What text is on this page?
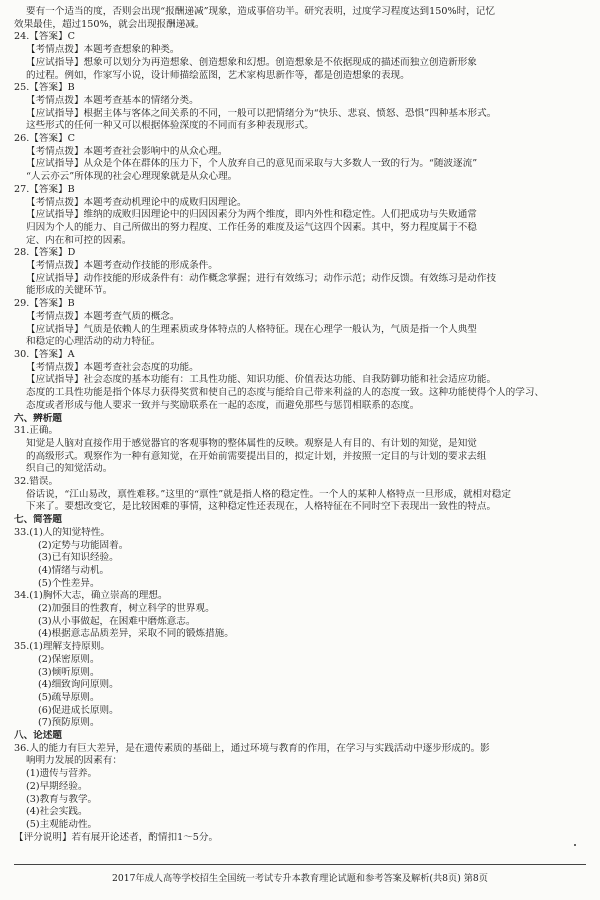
要有一个适当的度，否则会出现“报酬递减”现象，造成事倍功半。研究表明，过度学习程度达到150%时，记忆
效果最佳，超过150%，就会出现报酬递减。
24.【答案】C
【考情点拨】本题考查想象的种类。
【应试指导】想象可以划分为再造想象、创造想象和幻想。创造想象是不依据现成的描述而独立创造新形象
的过程。例如，作家写小说，设计师描绘蓝图，艺术家构思新作等，都是创造想象的表现。
25.【答案】B
【考情点拨】本题考查基本的情绪分类。
【应试指导】根据主体与客体之间关系的不同，一般可以把情绪分为“快乐、悲哀、愤怒、恐惧”四种基本形式。
这些形式的任何一种又可以根据体验深度的不同而有多种表现形式。
26.【答案】C
【考情点拨】本题考查社会影响中的从众心理。
【应试指导】从众是个体在群体的压力下，个人放弃自己的意见而采取与大多数人一致的行为。“随波逐流”
“人云亦云”所体现的社会心理现象就是从众心理。
27.【答案】B
【考情点拨】本题考查动机理论中的成败归因理论。
【应试指导】维纳的成败归因理论中的归因因素分为两个维度，即内外性和稳定性。人们把成功与失败通常
归因为个人的能力、自己所做出的努力程度、工作任务的难度及运气这四个因素。其中，努力程度属于不稳
定、内在和可控的因素。
28.【答案】D
【考情点拨】本题考查动作技能的形成条件。
【应试指导】动作技能的形成条件有：动作概念掌握；进行有效练习；动作示范；动作反馈。有效练习是动作技
能形成的关键环节。
29.【答案】B
【考情点拨】本题考查气质的概念。
【应试指导】气质是依赖人的生理素质或身体特点的人格特征。现在心理学一般认为，气质是指一个人典型
和稳定的心理活动的动力特征。
30.【答案】A
【考情点拨】本题考查社会态度的功能。
【应试指导】社会态度的基本功能有：工具性功能、知识功能、价值表达功能、自我防御功能和社会适应功能。
态度的工具性功能是指个体尽力获得奖赏和使自己的态度与能给自己带来利益的人的态度一致。这种功能使得个人的学习、
态度或者形成与他人要求一致并与奖励联系在一起的态度，而避免那些与惩罚相联系的态度。
六、辨析题
31.正确。
知觉是人脑对直接作用于感觉器官的客观事物的整体属性的反映。观察是人有目的、有计划的知觉，是知觉
的高级形式。观察作为一种有意知觉，在开始前需要提出目的，拟定计划，并按照一定目的与计划的要求去组
织自己的知觉活动。
32.错误。
俗话说，“江山易改，禀性难移。”这里的“禀性”就是指人格的稳定性。一个人的某种人格特点一旦形成，就相对稳定
下来了。要想改变它，是比较困难的事情，这种稳定性还表现在，人格特征在不同时空下表现出一致性的特点。
七、简答题
33.(1)人的知觉特性。
(2)定势与功能固着。
(3)已有知识经验。
(4)情绪与动机。
(5)个性差异。
34.(1)胸怀大志，确立崇高的理想。
(2)加强目的性教育，树立科学的世界观。
(3)从小事做起，在困难中磨炼意志。
(4)根据意志品质差异，采取不同的锻炼措施。
35.(1)理解支持原则。
(2)保密原则。
(3)倾听原则。
(4)细致询问原则。
(5)疏导原则。
(6)促进成长原则。
(7)预防原则。
八、论述题
36.人的能力有巨大差异，是在遗传素质的基础上，通过环境与教育的作用，在学习与实践活动中逐步形成的。影
响明力发展的因素有：
(1)遗传与营养。
(2)早期经验。
(3)教育与教学。
(4)社会实践。
(5)主观能动性。
【评分说明】若有展开论述者，酌情扣1～5分。
2017年成人高等学校招生全国统一考试专升本教育理论试题和参考答案及解析(共8页) 第8页
